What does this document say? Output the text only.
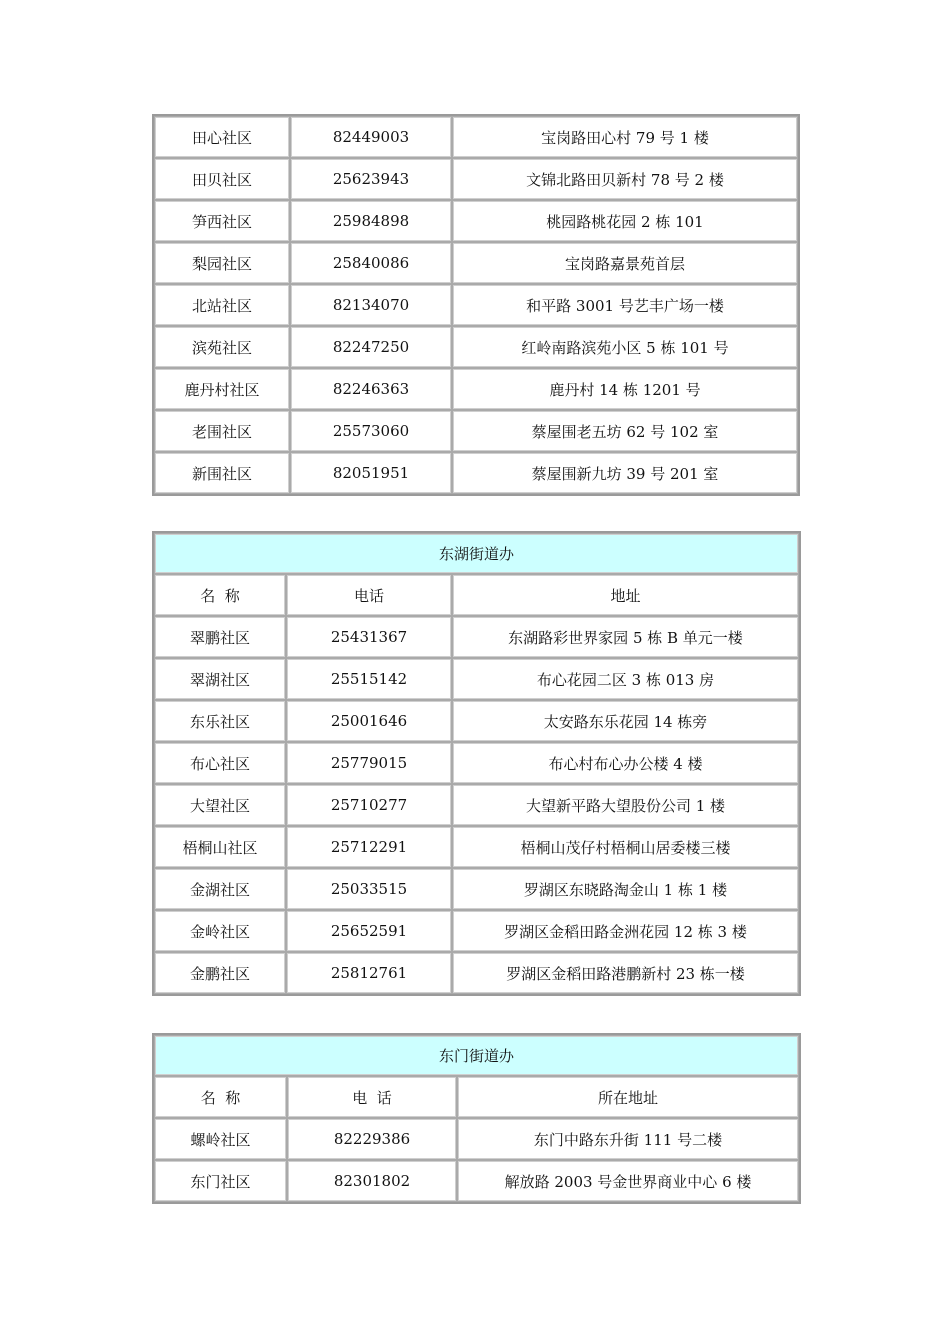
田心社区	82449003	宝岗路田心村 79 号 1 楼
田贝社区	25623943	文锦北路田贝新村 78 号 2 楼
笋西社区	25984898	桃园路桃花园 2 栋 101
梨园社区	25840086	宝岗路嘉景苑首层
北站社区	82134070	和平路 3001 号艺丰广场一楼
滨苑社区	82247250	红岭南路滨苑小区 5 栋 101 号
鹿丹村社区	82246363	鹿丹村 14 栋 1201 号
老围社区	25573060	蔡屋围老五坊 62 号 102 室
新围社区	82051951	蔡屋围新九坊 39 号 201 室
东湖街道办		
名  称	电话	地址
翠鹏社区	25431367	东湖路彩世界家园 5 栋 B 单元一楼
翠湖社区	25515142	布心花园二区 3 栋 013 房
东乐社区	25001646	太安路东乐花园 14 栋旁
布心社区	25779015	布心村布心办公楼 4 楼
大望社区	25710277	大望新平路大望股份公司 1 楼
梧桐山社区	25712291	梧桐山茂仔村梧桐山居委楼三楼
金湖社区	25033515	罗湖区东晓路淘金山 1 栋 1 楼
金岭社区	25652591	罗湖区金稻田路金洲花园 12 栋 3 楼
金鹏社区	25812761	罗湖区金稻田路港鹏新村 23 栋一楼
东门街道办		
名  称	电  话	所在地址
螺岭社区	82229386	东门中路东升街 111 号二楼
东门社区	82301802	解放路 2003 号金世界商业中心 6 楼
